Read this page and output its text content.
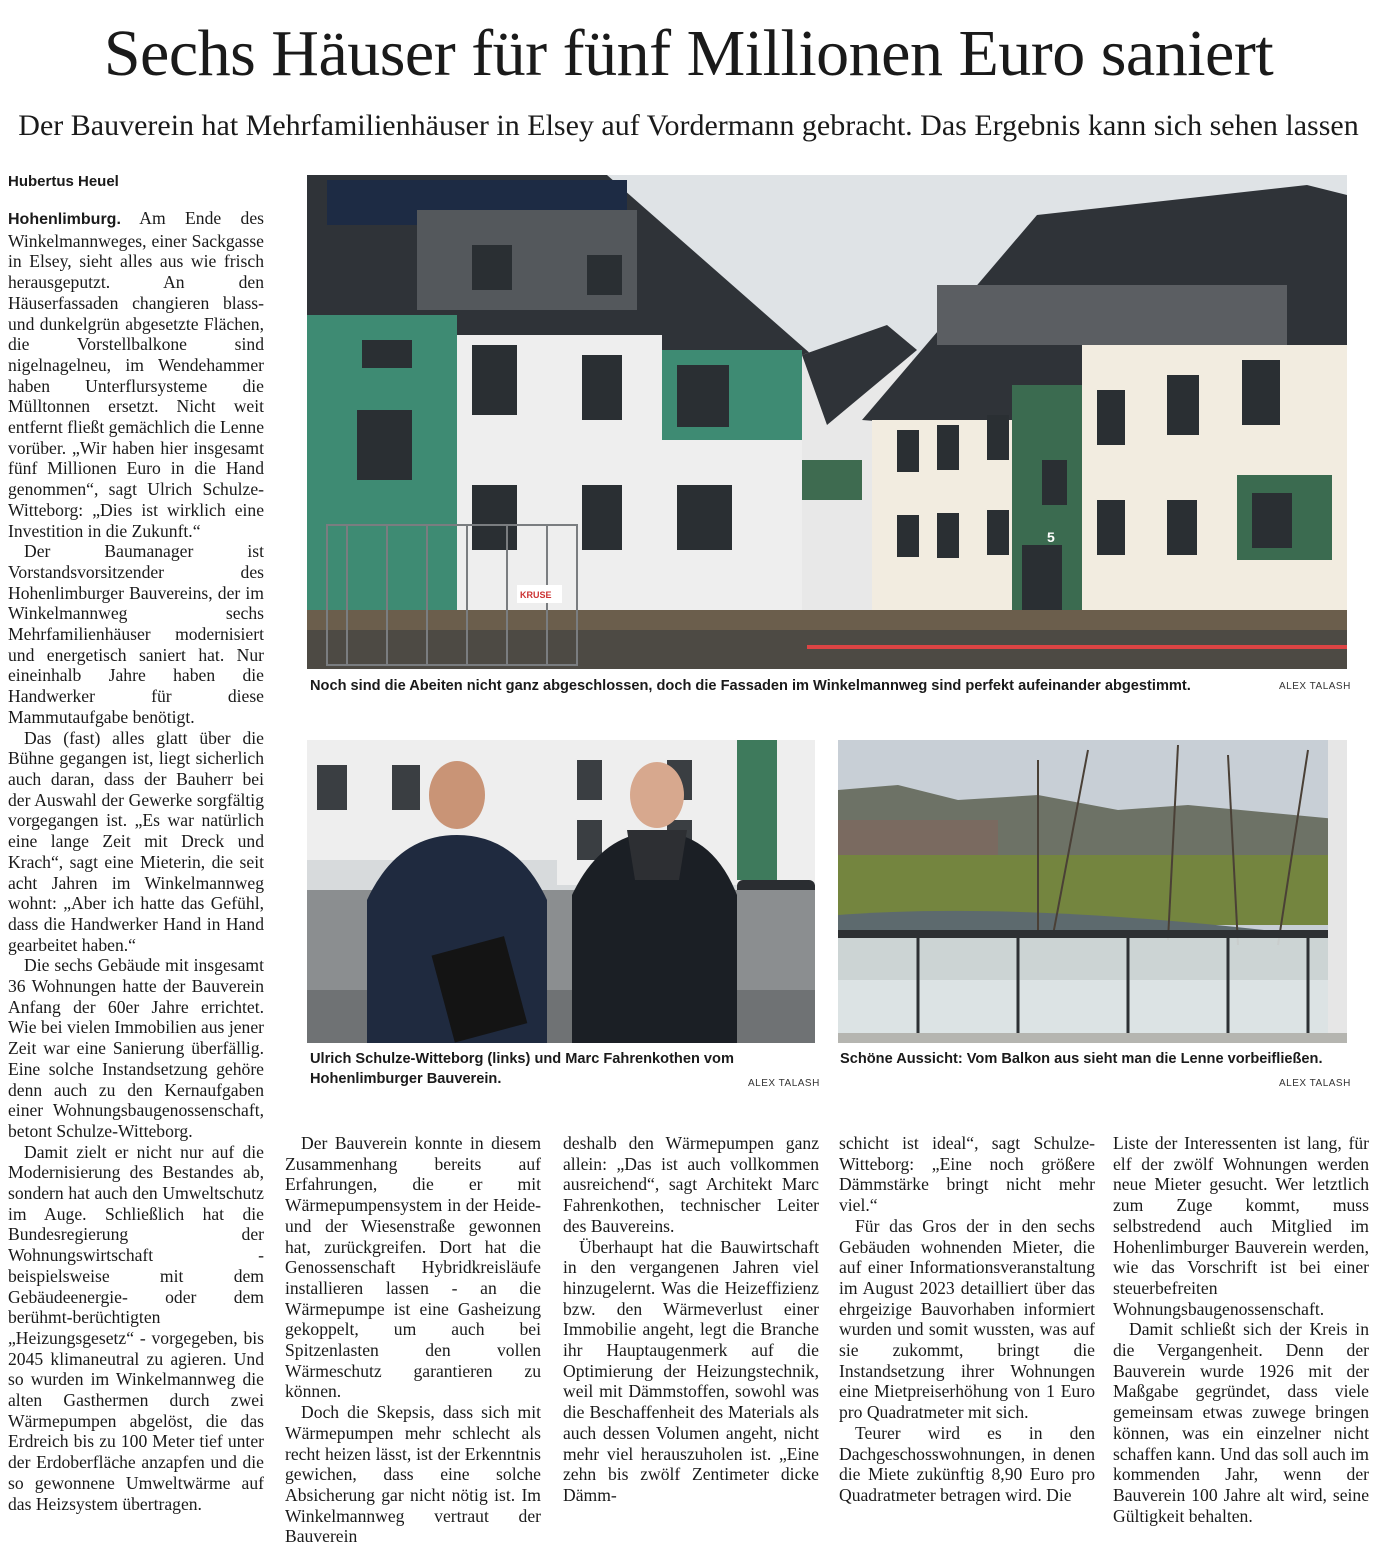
Sechs Häuser für fünf Millionen Euro saniert
Der Bauverein hat Mehrfamilienhäuser in Elsey auf Vordermann gebracht. Das Ergebnis kann sich sehen lassen
Hubertus Heuel

Hohenlimburg. Am Ende des Winkelmannweges, einer Sackgasse in Elsey, sieht alles aus wie frisch herausgeputzt. An den Häuserfassaden changieren blass- und dunkelgrün abgesetzte Flächen, die Vorstellbalkone sind nigelnagelneu, im Wendehammer haben Unterflursysteme die Mülltonnen ersetzt. Nicht weit entfernt fließt gemächlich die Lenne vorüber. „Wir haben hier insgesamt fünf Millionen Euro in die Hand genommen“, sagt Ulrich Schulze-Witteborg: „Dies ist wirklich eine Investition in die Zukunft.“

Der Baumanager ist Vorstandsvorsitzender des Hohenlimburger Bauvereins, der im Winkelmannweg sechs Mehrfamilienhäuser modernisiert und energetisch saniert hat. Nur eineinhalb Jahre haben die Handwerker für diese Mammutaufgabe benötigt.

Das (fast) alles glatt über die Bühne gegangen ist, liegt sicherlich auch daran, dass der Bauherr bei der Auswahl der Gewerke sorgfältig vorgegangen ist. „Es war natürlich eine lange Zeit mit Dreck und Krach“, sagt eine Mieterin, die seit acht Jahren im Winkelmannweg wohnt: „Aber ich hatte das Gefühl, dass die Handwerker Hand in Hand gearbeitet haben.“

Die sechs Gebäude mit insgesamt 36 Wohnungen hatte der Bauverein Anfang der 60er Jahre errichtet. Wie bei vielen Immobilien aus jener Zeit war eine Sanierung überfällig. Eine solche Instandsetzung gehöre denn auch zu den Kernaufgaben einer Wohnungsbaugenossenschaft, betont Schulze-Witteborg.

Damit zielt er nicht nur auf die Modernisierung des Bestandes ab, sondern hat auch den Umweltschutz im Auge. Schließlich hat die Bundesregierung der Wohnungswirtschaft - beispielsweise mit dem Gebäudeenergie- oder dem berühmt-berüchtigten „Heizungsgesetz“ - vorgegeben, bis 2045 klimaneutral zu agieren. Und so wurden im Winkelmannweg die alten Gasthermen durch zwei Wärmepumpen abgelöst, die das Erdreich bis zu 100 Meter tief unter der Erdoberfläche anzapfen und die so gewonnene Umweltwärme auf das Heizsystem übertragen.

5
KRUSE
Noch sind die Abeiten nicht ganz abgeschlossen, doch die Fassaden im Winkelmannweg sind perfekt aufeinander abgestimmt.	ALEX TALASH
Ulrich Schulze-Witteborg (links) und Marc Fahrenkothen vom Hohenlimburger Bauverein.	ALEX TALASH
Schöne Aussicht: Vom Balkon aus sieht man die Lenne vorbeifließen.
ALEX TALASH

Der Bauverein konnte in diesem Zusammenhang bereits auf Erfahrungen, die er mit Wärmepumpensystem in der Heide- und der Wiesenstraße gewonnen hat, zurückgreifen. Dort hat die Genossenschaft Hybridkreisläufe installieren lassen - an die Wärmepumpe ist eine Gasheizung gekoppelt, um auch bei Spitzenlasten den vollen Wärmeschutz garantieren zu können.

Doch die Skepsis, dass sich mit Wärmepumpen mehr schlecht als recht heizen lässt, ist der Erkenntnis gewichen, dass eine solche Absicherung gar nicht nötig ist. Im Winkelmannweg vertraut der Bauverein

deshalb den Wärmepumpen ganz allein: „Das ist auch vollkommen ausreichend“, sagt Architekt Marc Fahrenkothen, technischer Leiter des Bauvereins.

Überhaupt hat die Bauwirtschaft in den vergangenen Jahren viel hinzugelernt. Was die Heizeffizienz bzw. den Wärmeverlust einer Immobilie angeht, legt die Branche ihr Hauptaugenmerk auf die Optimierung der Heizungstechnik, weil mit Dämmstoffen, sowohl was die Beschaffenheit des Materials als auch dessen Volumen angeht, nicht mehr viel herauszuholen ist. „Eine zehn bis zwölf Zentimeter dicke Dämm-

schicht ist ideal“, sagt Schulze-Witteborg: „Eine noch größere Dämmstärke bringt nicht mehr viel.“

Für das Gros der in den sechs Gebäuden wohnenden Mieter, die auf einer Informationsveranstaltung im August 2023 detailliert über das ehrgeizige Bauvorhaben informiert wurden und somit wussten, was auf sie zukommt, bringt die Instandsetzung ihrer Wohnungen eine Mietpreiserhöhung von 1 Euro pro Quadratmeter mit sich.

Teurer wird es in den Dachgeschosswohnungen, in denen die Miete zukünftig 8,90 Euro pro Quadratmeter betragen wird. Die

Liste der Interessenten ist lang, für elf der zwölf Wohnungen werden neue Mieter gesucht. Wer letztlich zum Zuge kommt, muss selbstredend auch Mitglied im Hohenlimburger Bauverein werden, wie das Vorschrift ist bei einer steuerbefreiten Wohnungsbaugenossenschaft.

Damit schließt sich der Kreis in die Vergangenheit. Denn der Bauverein wurde 1926 mit der Maßgabe gegründet, dass viele gemeinsam etwas zuwege bringen können, was ein einzelner nicht schaffen kann. Und das soll auch im kommenden Jahr, wenn der Bauverein 100 Jahre alt wird, seine Gültigkeit behalten.
